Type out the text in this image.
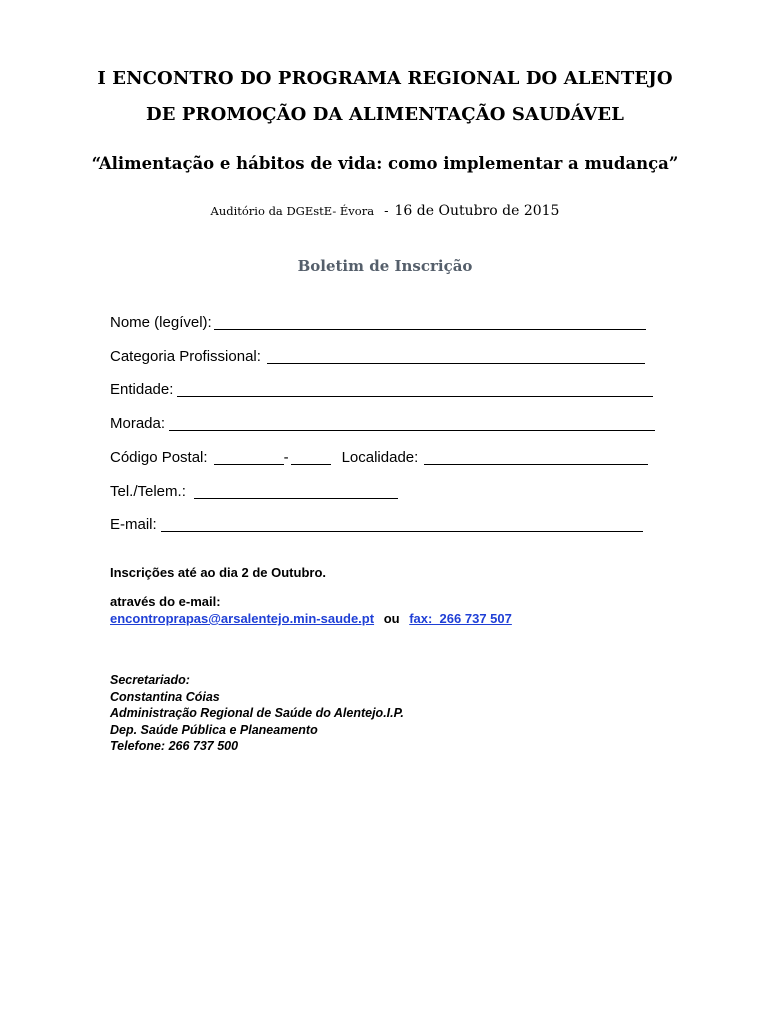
I ENCONTRO DO PROGRAMA REGIONAL DO ALENTEJO
DE PROMOÇÃO DA ALIMENTAÇÃO SAUDÁVEL
“Alimentação e hábitos de vida: como implementar a mudança”
Auditório da DGEstE- Évora - 16 de Outubro de 2015
Boletim de Inscrição
Nome (legível):
Categoria Profissional:
Entidade:
Morada:
Código Postal:	-	Localidade:
Tel./Telem.:
E-mail:
Inscrições até ao dia 2 de Outubro.
através do e-mail:
encontroprapas@arsalentejo.min-saude.pt ou fax:  266 737 507
Secretariado:
Constantina Cóias
Administração Regional de Saúde do Alentejo.I.P.
Dep. Saúde Pública e Planeamento
Telefone: 266 737 500
